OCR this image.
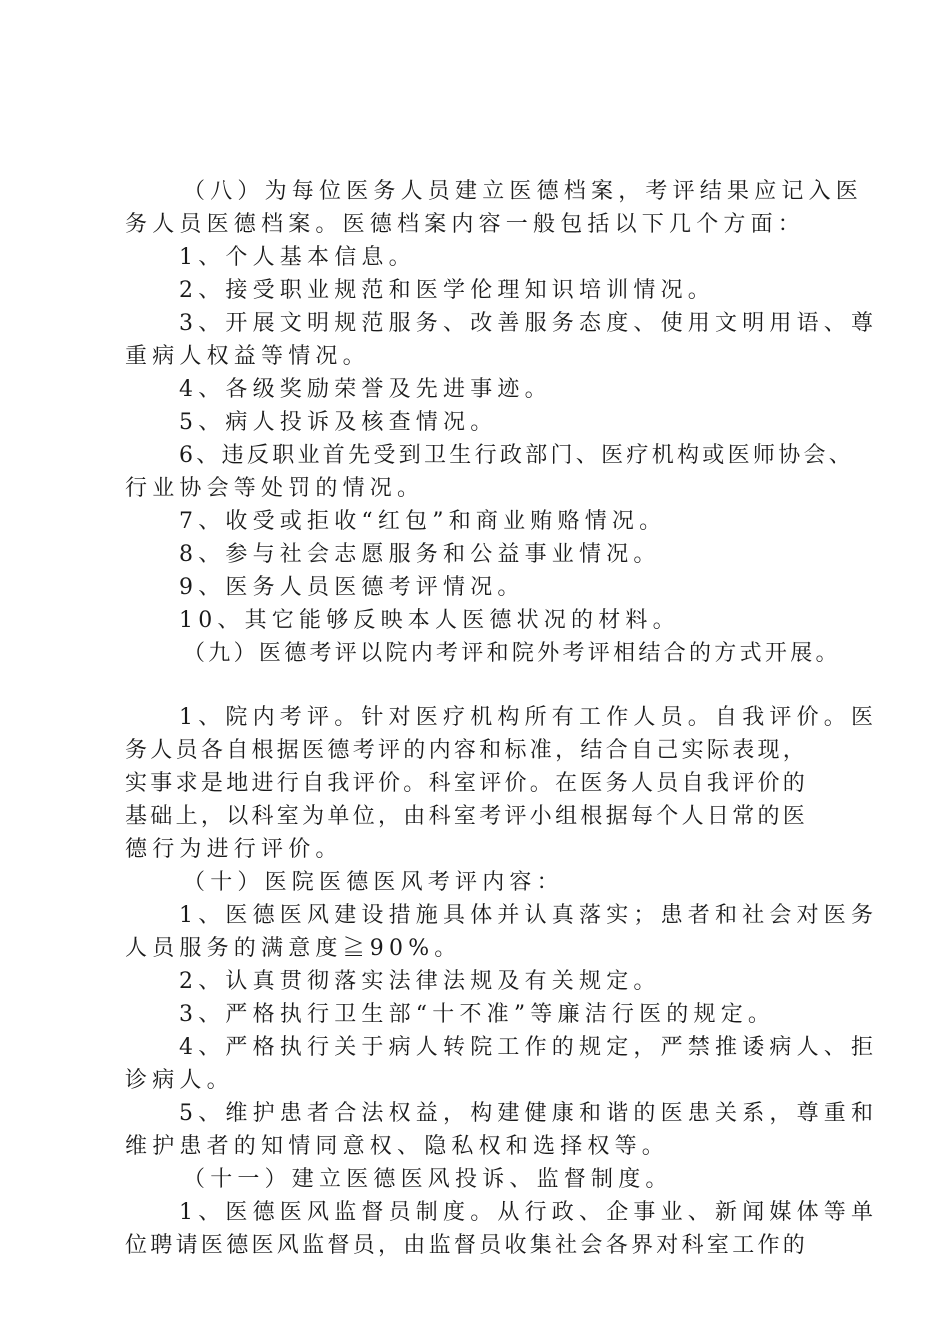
（八）为每位医务人员建立医德档案，考评结果应记入医
务人员医德档案。医德档案内容一般包括以下几个方面：
1、个人基本信息。
2、接受职业规范和医学伦理知识培训情况。
3、开展文明规范服务、改善服务态度、使用文明用语、尊
重病人权益等情况。
4、各级奖励荣誉及先进事迹。
5、病人投诉及核查情况。
6、违反职业首先受到卫生行政部门、医疗机构或医师协会、
行业协会等处罚的情况。
7、收受或拒收“红包”和商业贿赂情况。
8、参与社会志愿服务和公益事业情况。
9、医务人员医德考评情况。
10、其它能够反映本人医德状况的材料。
（九）医德考评以院内考评和院外考评相结合的方式开展。
1、院内考评。针对医疗机构所有工作人员。自我评价。医
务人员各自根据医德考评的内容和标准，结合自己实际表现，
实事求是地进行自我评价。科室评价。在医务人员自我评价的
基础上，以科室为单位，由科室考评小组根据每个人日常的医
德行为进行评价。
（十）医院医德医风考评内容：
1、医德医风建设措施具体并认真落实；患者和社会对医务
人员服务的满意度≧90%。
2、认真贯彻落实法律法规及有关规定。
3、严格执行卫生部“十不准”等廉洁行医的规定。
4、严格执行关于病人转院工作的规定，严禁推诿病人、拒
诊病人。
5、维护患者合法权益，构建健康和谐的医患关系，尊重和
维护患者的知情同意权、隐私权和选择权等。
（十一）建立医德医风投诉、监督制度。
1、医德医风监督员制度。从行政、企事业、新闻媒体等单
位聘请医德医风监督员，由监督员收集社会各界对科室工作的
